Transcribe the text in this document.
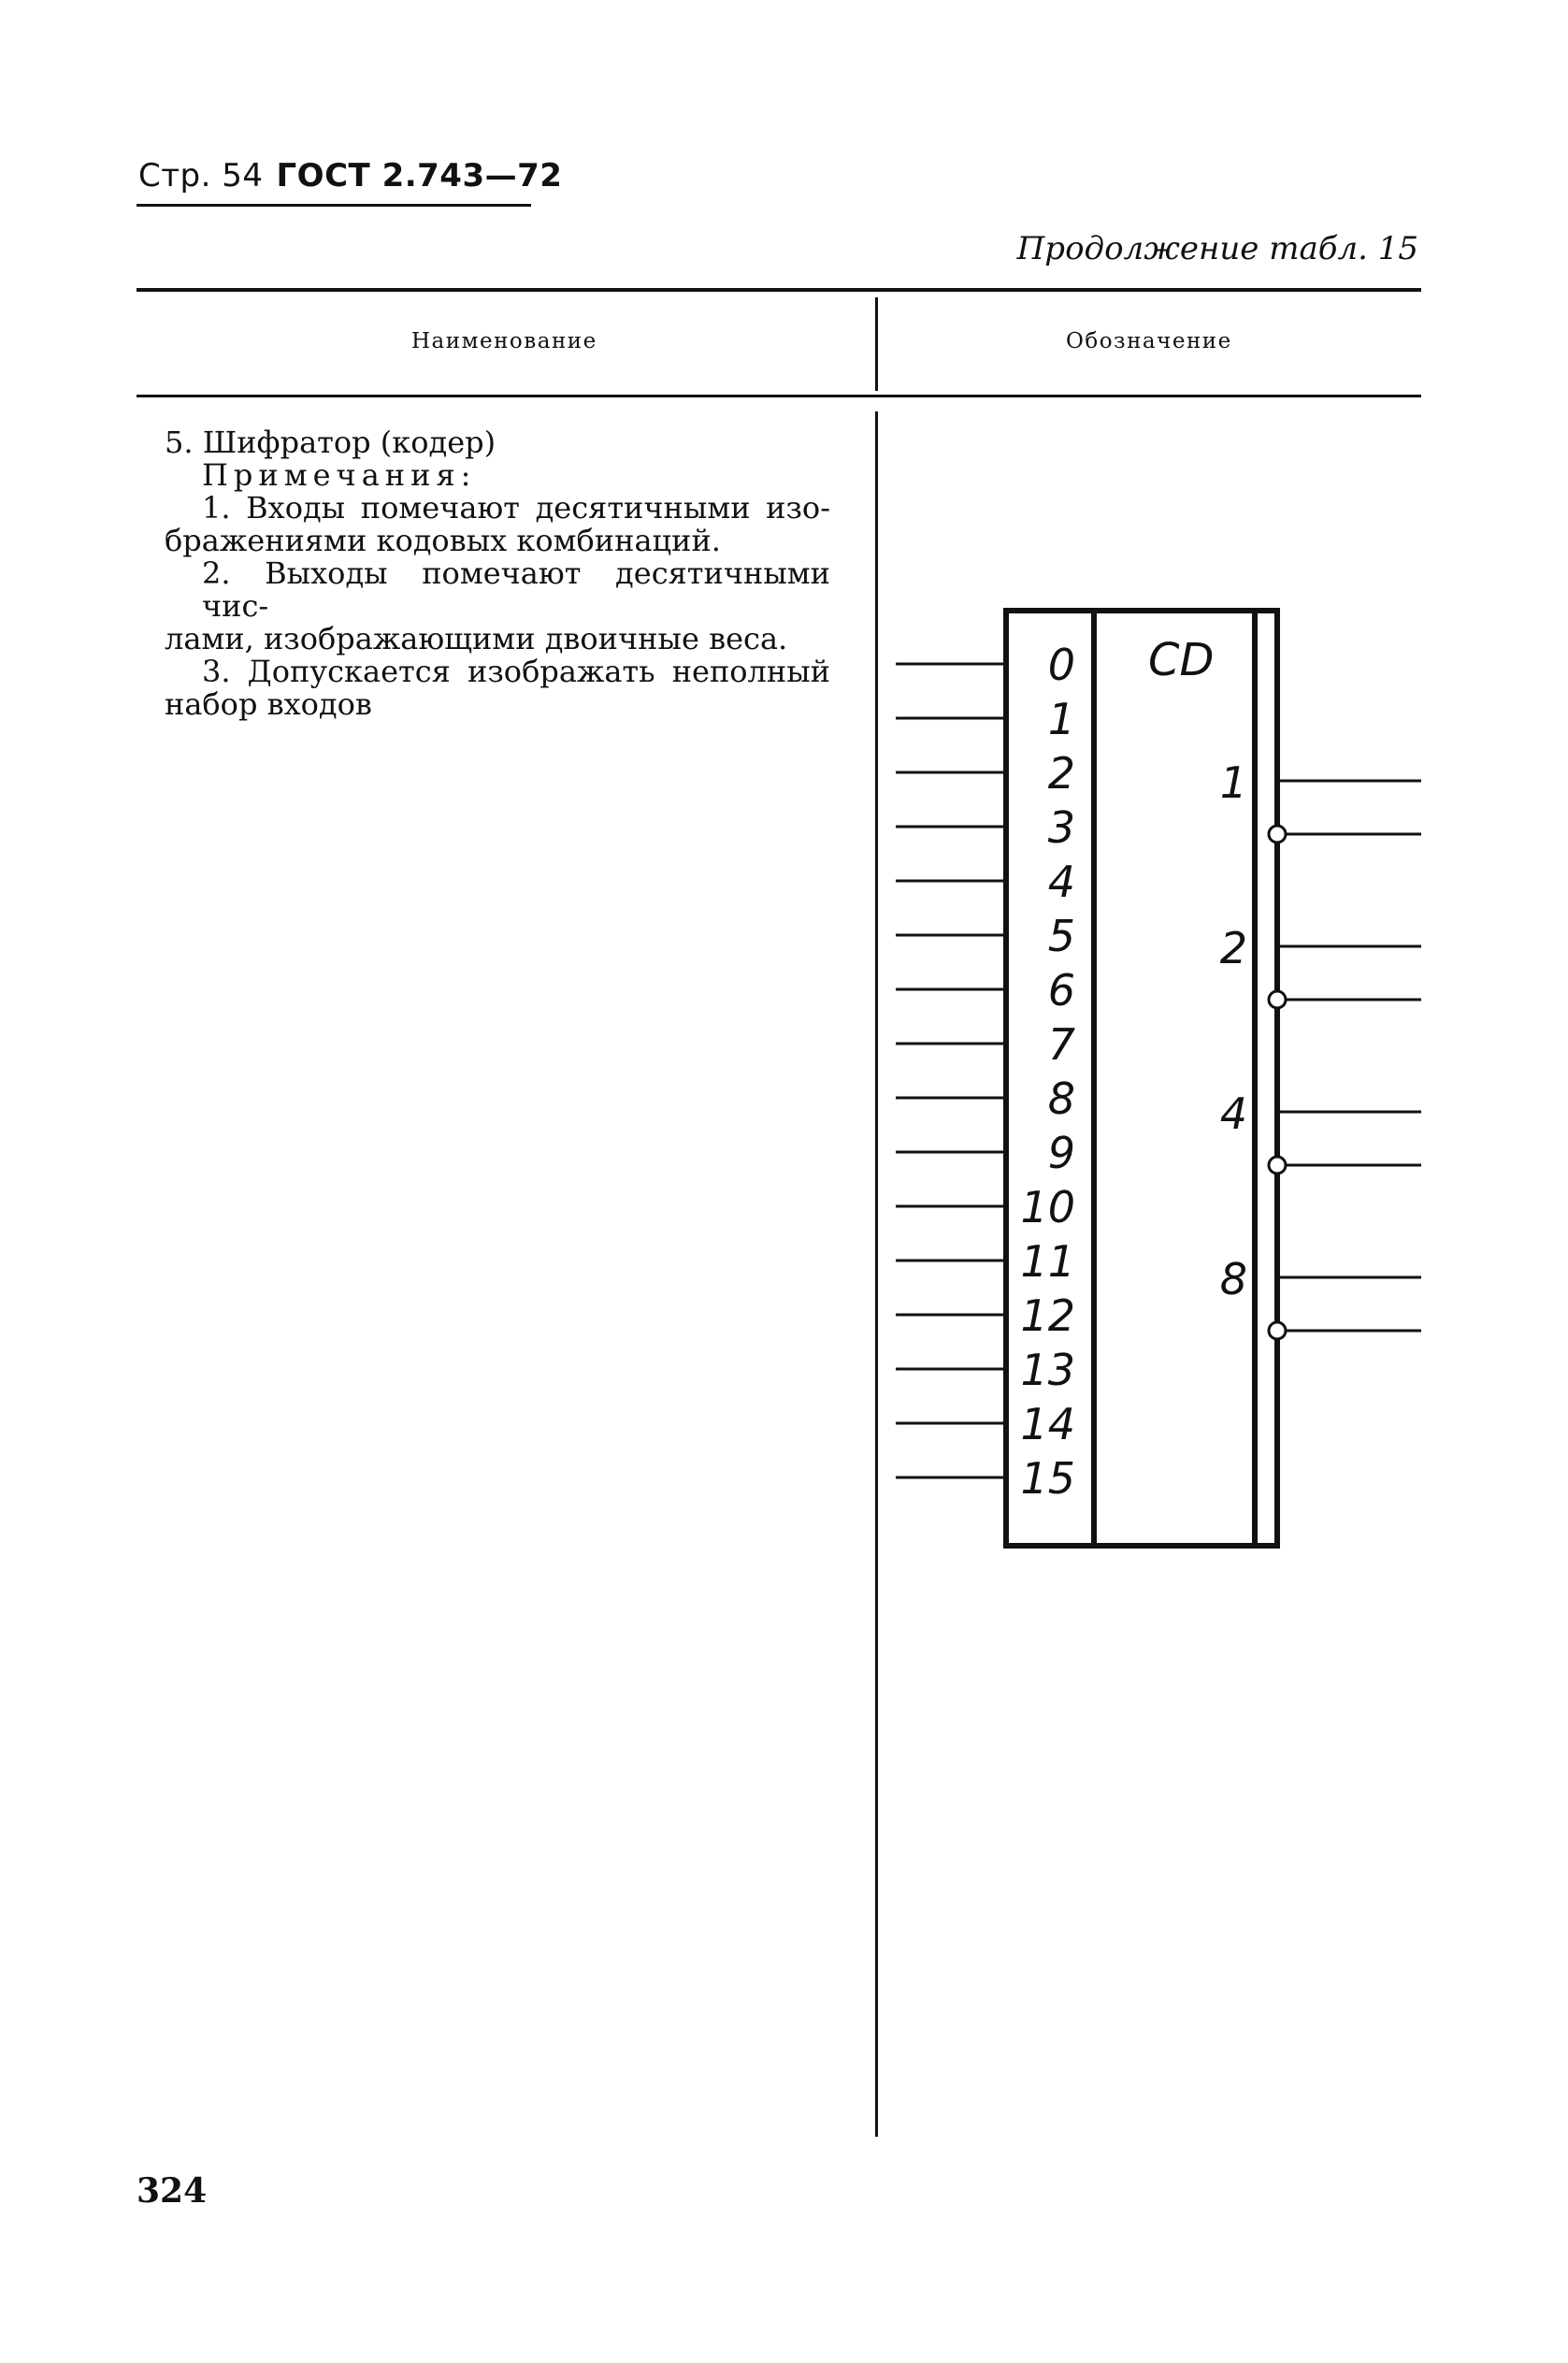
Стр. 54 ГОСТ 2.743—72
Продолжение табл. 15
Наименование	Обозначение
5. Шифратор (кодер)
Примечания:
1. Входы помечают десятичными изо-
бражениями кодовых комбинаций.
2. Выходы помечают десятичными чис-
лами, изображающими двоичные веса.
3. Допускается изображать неполный
набор входов
CD
0
1
2
3
4
5
6
7
8
9
10
11
12
13
14
15
1
2
4
8
324
